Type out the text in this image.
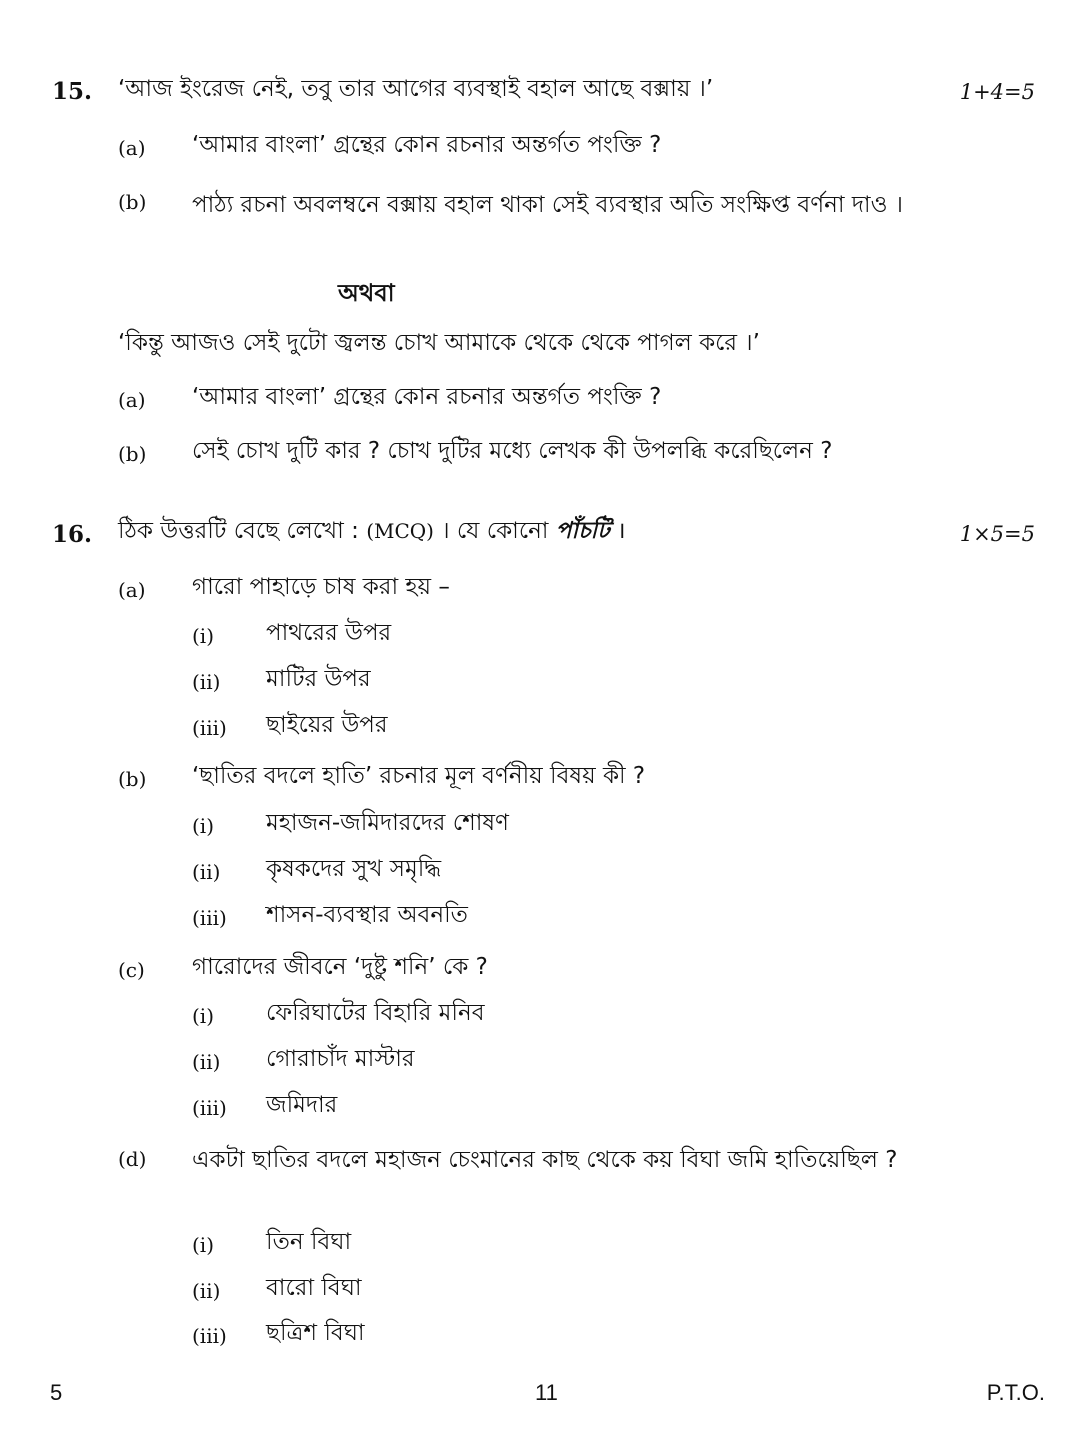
15. ‘আজ ইংরেজ নেই, তবু তার আগের ব্যবস্থাই বহাল আছে বক্সায় ।’	1+4=5
(a) ‘আমার বাংলা’ গ্রন্থের কোন রচনার অন্তর্গত পংক্তি ?
(b) পাঠ্য রচনা অবলম্বনে বক্সায় বহাল থাকা সেই ব্যবস্থার অতি সংক্ষিপ্ত বর্ণনা দাও ।
অথবা
‘কিন্তু আজও সেই দুটো জ্বলন্ত চোখ আমাকে থেকে থেকে পাগল করে ।’
(a) ‘আমার বাংলা’ গ্রন্থের কোন রচনার অন্তর্গত পংক্তি ?
(b) সেই চোখ দুটি কার ? চোখ দুটির মধ্যে লেখক কী উপলব্ধি করেছিলেন ?
16. ঠিক উত্তরটি বেছে লেখো : (MCQ) । যে কোনো পাঁচটি ।	1×5=5
(a) গারো পাহাড়ে চাষ করা হয় –
(i) পাথরের উপর
(ii) মাটির উপর
(iii) ছাইয়ের উপর
(b) ‘ছাতির বদলে হাতি’ রচনার মূল বর্ণনীয় বিষয় কী ?
(i) মহাজন-জমিদারদের শোষণ
(ii) কৃষকদের সুখ সমৃদ্ধি
(iii) শাসন-ব্যবস্থার অবনতি
(c) গারোদের জীবনে ‘দুষ্টু শনি’ কে ?
(i) ফেরিঘাটের বিহারি মনিব
(ii) গোরাচাঁদ মাস্টার
(iii) জমিদার
(d) একটা ছাতির বদলে মহাজন চেংমানের কাছ থেকে কয় বিঘা জমি হাতিয়েছিল ?
(i) তিন বিঘা
(ii) বারো বিঘা
(iii) ছত্রিশ বিঘা
5	11	P.T.O.
